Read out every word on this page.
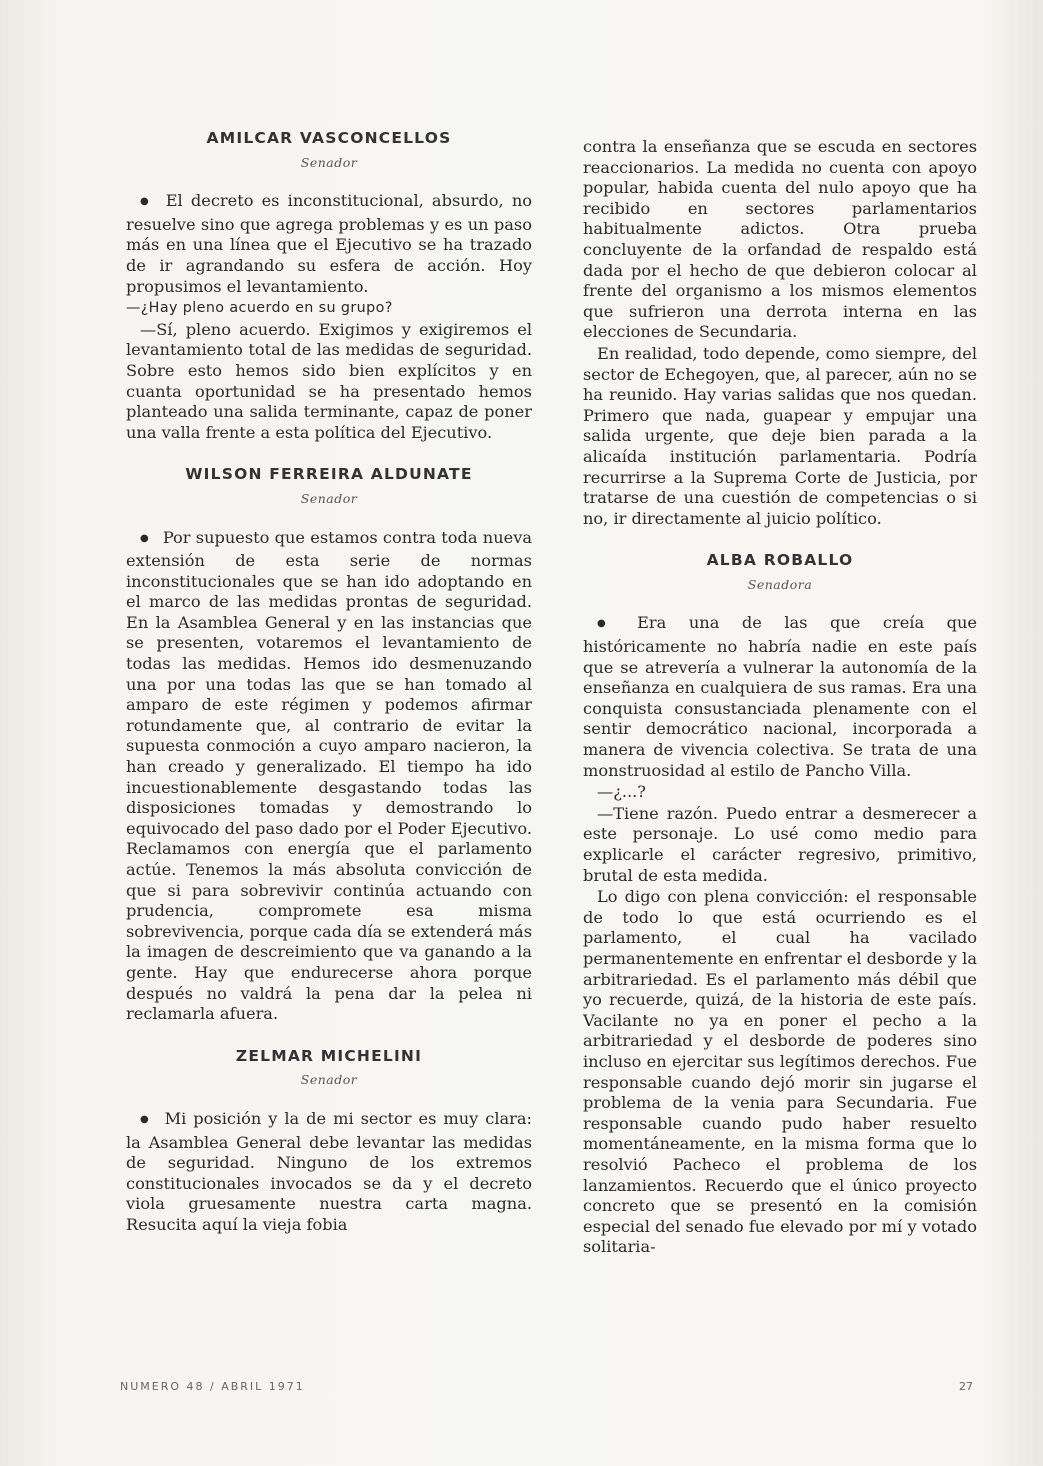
AMILCAR VASCONCELLOS
Senador

● El decreto es inconstitucional, absurdo, no resuelve sino que agrega problemas y es un paso más en una línea que el Ejecutivo se ha trazado de ir agrandando su esfera de acción. Hoy propusimos el levantamiento.

—¿Hay pleno acuerdo en su grupo?

—Sí, pleno acuerdo. Exigimos y exigiremos el levantamiento total de las medidas de seguridad. Sobre esto hemos sido bien explícitos y en cuanta oportunidad se ha presentado hemos planteado una salida terminante, capaz de poner una valla frente a esta política del Ejecutivo.

WILSON FERREIRA ALDUNATE
Senador

● Por supuesto que estamos contra toda nueva extensión de esta serie de normas inconstitucionales que se han ido adoptando en el marco de las medidas prontas de seguridad. En la Asamblea General y en las instancias que se presenten, votaremos el levantamiento de todas las medidas. Hemos ido desmenuzando una por una todas las que se han tomado al amparo de este régimen y podemos afirmar rotundamente que, al contrario de evitar la supuesta conmoción a cuyo amparo nacieron, la han creado y generalizado. El tiempo ha ido incuestionablemente desgastando todas las disposiciones tomadas y demostrando lo equivocado del paso dado por el Poder Ejecutivo. Reclamamos con energía que el parlamento actúe. Tenemos la más absoluta convicción de que si para sobrevivir continúa actuando con prudencia, compromete esa misma sobrevivencia, porque cada día se extenderá más la imagen de descreimiento que va ganando a la gente. Hay que endurecerse ahora porque después no valdrá la pena dar la pelea ni reclamarla afuera.

ZELMAR MICHELINI
Senador

● Mi posición y la de mi sector es muy clara: la Asamblea General debe levantar las medidas de seguridad. Ninguno de los extremos constitucionales invocados se da y el decreto viola gruesamente nuestra carta magna. Resucita aquí la vieja fobia

contra la enseñanza que se escuda en sectores reaccionarios. La medida no cuenta con apoyo popular, habida cuenta del nulo apoyo que ha recibido en sectores parlamentarios habitualmente adictos. Otra prueba concluyente de la orfandad de respaldo está dada por el hecho de que debieron colocar al frente del organismo a los mismos elementos que sufrieron una derrota interna en las elecciones de Secundaria.

En realidad, todo depende, como siempre, del sector de Echegoyen, que, al parecer, aún no se ha reunido. Hay varias salidas que nos quedan. Primero que nada, guapear y empujar una salida urgente, que deje bien parada a la alicaída institución parlamentaria. Podría recurrirse a la Suprema Corte de Justicia, por tratarse de una cuestión de competencias o si no, ir directamente al juicio político.

ALBA ROBALLO
Senadora

● Era una de las que creía que históricamente no habría nadie en este país que se atrevería a vulnerar la autonomía de la enseñanza en cualquiera de sus ramas. Era una conquista consustanciada plenamente con el sentir democrático nacional, incorporada a manera de vivencia colectiva. Se trata de una monstruosidad al estilo de Pancho Villa.

—¿...?

—Tiene razón. Puedo entrar a desmerecer a este personaje. Lo usé como medio para explicarle el carácter regresivo, primitivo, brutal de esta medida.

Lo digo con plena convicción: el responsable de todo lo que está ocurriendo es el parlamento, el cual ha vacilado permanentemente en enfrentar el desborde y la arbitrariedad. Es el parlamento más débil que yo recuerde, quizá, de la historia de este país. Vacilante no ya en poner el pecho a la arbitrariedad y el desborde de poderes sino incluso en ejercitar sus legítimos derechos. Fue responsable cuando dejó morir sin jugarse el problema de la venia para Secundaria. Fue responsable cuando pudo haber resuelto momentáneamente, en la misma forma que lo resolvió Pacheco el problema de los lanzamientos. Recuerdo que el único proyecto concreto que se presentó en la comisión especial del senado fue elevado por mí y votado solitaria-

NUMERO 48 / ABRIL 1971	27
